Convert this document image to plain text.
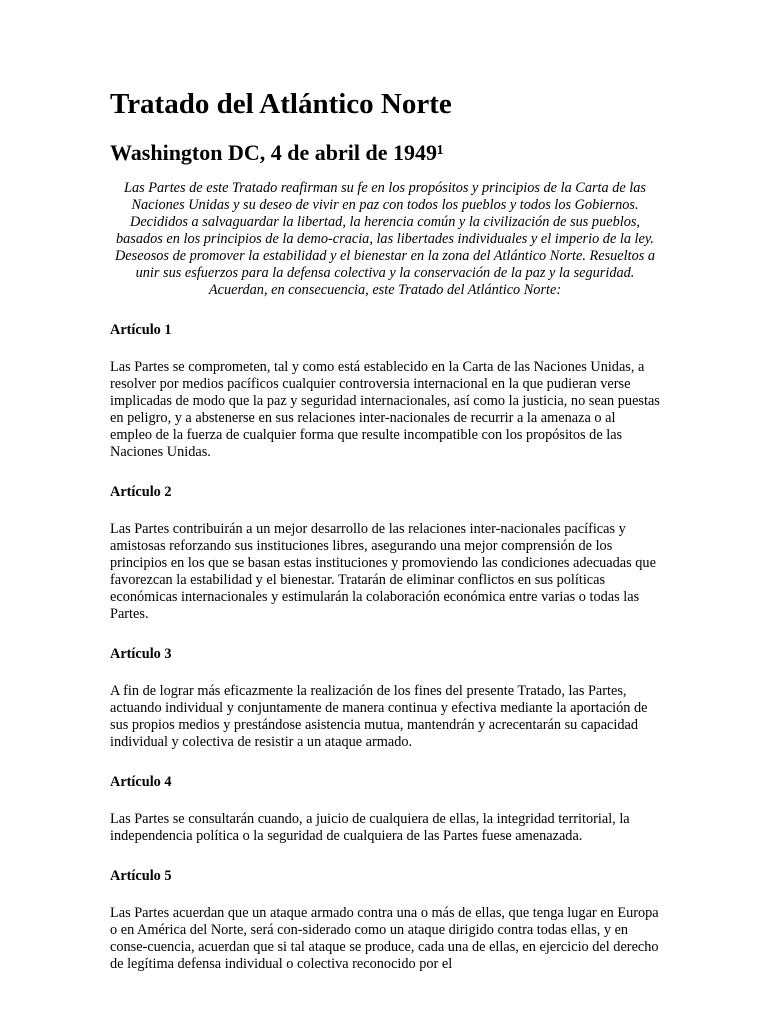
Tratado del Atlántico Norte
Washington DC, 4 de abril de 1949¹

Las Partes de este Tratado reafirman su fe en los propósitos y principios de la Carta de las Naciones Unidas y su deseo de vivir en paz con todos los pueblos y todos los Gobiernos. Decididos a salvaguardar la libertad, la herencia común y la civilización de sus pueblos, basados en los principios de la demo-cracia, las libertades individuales y el imperio de la ley. Deseosos de promover la estabilidad y el bienestar en la zona del Atlántico Norte. Resueltos a unir sus esfuerzos para la defensa colectiva y la conservación de la paz y la seguridad. Acuerdan, en consecuencia, este Tratado del Atlántico Norte:

Artículo 1

Las Partes se comprometen, tal y como está establecido en la Carta de las Naciones Unidas, a resolver por medios pacíficos cualquier controversia internacional en la que pudieran verse implicadas de modo que la paz y seguridad internacionales, así como la justicia, no sean puestas en peligro, y a abstenerse en sus relaciones inter-nacionales de recurrir a la amenaza o al empleo de la fuerza de cualquier forma que resulte incompatible con los propósitos de las Naciones Unidas.

Artículo 2

Las Partes contribuirán a un mejor desarrollo de las relaciones inter-nacionales pacíficas y amistosas reforzando sus instituciones libres, asegurando una mejor comprensión de los principios en los que se basan estas instituciones y promoviendo las condiciones adecuadas que favorezcan la estabilidad y el bienestar. Tratarán de eliminar conflictos en sus políticas económicas internacionales y estimularán la colaboración económica entre varias o todas las Partes.

Artículo 3

A fin de lograr más eficazmente la realización de los fines del presente Tratado, las Partes, actuando individual y conjuntamente de manera continua y efectiva mediante la aportación de sus propios medios y prestándose asistencia mutua, mantendrán y acrecentarán su capacidad individual y colectiva de resistir a un ataque armado.

Artículo 4

Las Partes se consultarán cuando, a juicio de cualquiera de ellas, la integridad territorial, la independencia política o la seguridad de cualquiera de las Partes fuese amenazada.

Artículo 5

Las Partes acuerdan que un ataque armado contra una o más de ellas, que tenga lugar en Europa o en América del Norte, será con-siderado como un ataque dirigido contra todas ellas, y en conse-cuencia, acuerdan que si tal ataque se produce, cada una de ellas, en ejercicio del derecho de legítima defensa individual o colectiva reconocido por el
